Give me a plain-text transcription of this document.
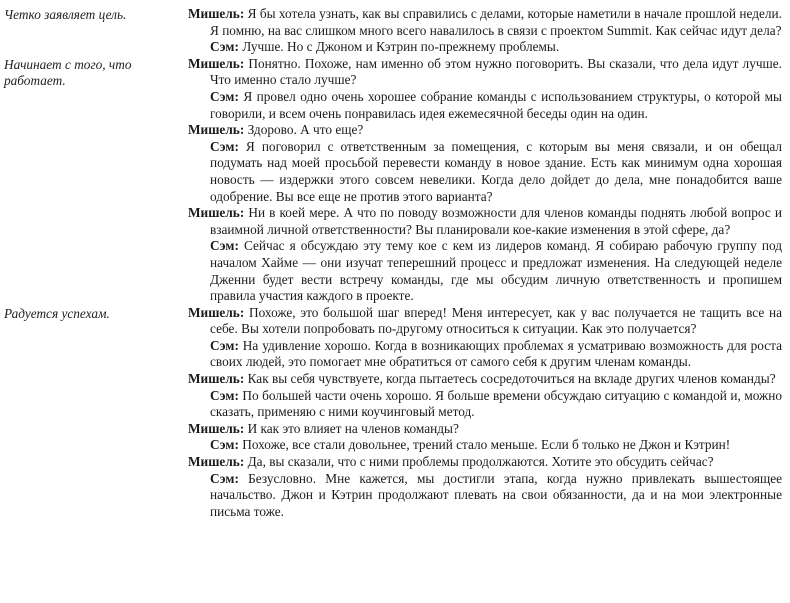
Четко заявляет цель.	Мишель: Я бы хотела узнать, как вы справились с делами, которые наметили в начале прошлой недели. Я помню, на вас слишком много всего навалилось в связи с проектом Summit. Как сейчас идут дела?

Сэм: Лучше. Но с Джоном и Кэтрин по-прежнему проблемы.

Начинает с того, что работает.
Мишель: Понятно. Похоже, нам именно об этом нужно поговорить. Вы сказали, что дела идут лучше. Что именно стало лучше?

Сэм: Я провел одно очень хорошее собрание команды с использованием структуры, о которой мы говорили, и всем очень понравилась идея ежемесячной беседы один на один.

Мишель: Здорово. А что еще?

Сэм: Я поговорил с ответственным за помещения, с которым вы меня связали, и он обещал подумать над моей просьбой перевести команду в новое здание. Есть как минимум одна хорошая новость — издержки этого совсем невелики. Когда дело дойдет до дела, мне понадобится ваше одобрение. Вы все еще не против этого варианта?

Мишель: Ни в коей мере. А что по поводу возможности для членов команды поднять любой вопрос и взаимной личной ответственности? Вы планировали кое-какие изменения в этой сфере, да?

Сэм: Сейчас я обсуждаю эту тему кое с кем из лидеров команд. Я собираю рабочую группу под началом Хайме — они изучат теперешний процесс и предложат изменения. На следующей неделе Дженни будет вести встречу команды, где мы обсудим личную ответственность и пропишем правила участия каждого в проекте.

Радуется успехам.	Мишель: Похоже, это большой шаг вперед! Меня интересует, как у вас получается не тащить все на себе. Вы хотели попробовать по-другому относиться к ситуации. Как это получается?

Сэм: На удивление хорошо. Когда в возникающих проблемах я усматриваю возможность для роста своих людей, это помогает мне обратиться от самого себя к другим членам команды.

Мишель: Как вы себя чувствуете, когда пытаетесь сосредоточиться на вкладе других членов команды?

Сэм: По большей части очень хорошо. Я больше времени обсуждаю ситуацию с командой и, можно сказать, применяю с ними коучинговый метод.

Мишель: И как это влияет на членов команды?

Сэм: Похоже, все стали довольнее, трений стало меньше. Если б только не Джон и Кэтрин!

Мишель: Да, вы сказали, что с ними проблемы продолжаются. Хотите это обсудить сейчас?

Сэм: Безусловно. Мне кажется, мы достигли этапа, когда нужно привлекать вышестоящее начальство. Джон и Кэтрин продолжают плевать на свои обязанности, да и на мои электронные письма тоже.
